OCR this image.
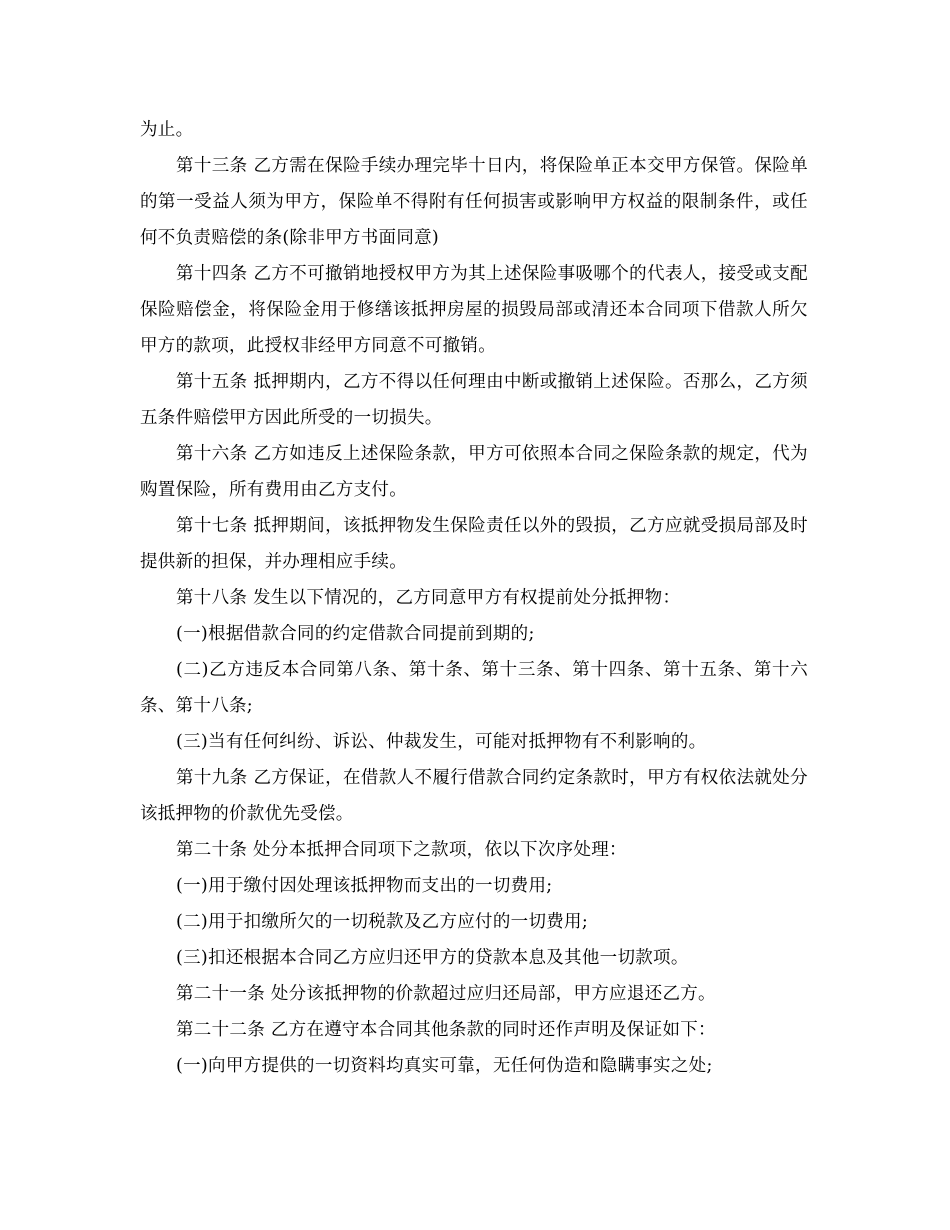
为止。

第十三条 乙方需在保险手续办理完毕十日内，将保险单正本交甲方保管。保险单的第一受益人须为甲方，保险单不得附有任何损害或影响甲方权益的限制条件，或任何不负责赔偿的条(除非甲方书面同意)

第十四条 乙方不可撤销地授权甲方为其上述保险事吸哪个的代表人，接受或支配保险赔偿金，将保险金用于修缮该抵押房屋的损毁局部或清还本合同项下借款人所欠甲方的款项，此授权非经甲方同意不可撤销。

第十五条 抵押期内，乙方不得以任何理由中断或撤销上述保险。否那么，乙方须五条件赔偿甲方因此所受的一切损失。

第十六条 乙方如违反上述保险条款，甲方可依照本合同之保险条款的规定，代为购置保险，所有费用由乙方支付。

第十七条 抵押期间，该抵押物发生保险责任以外的毁损，乙方应就受损局部及时提供新的担保，并办理相应手续。

第十八条 发生以下情况的，乙方同意甲方有权提前处分抵押物：

(一)根据借款合同的约定借款合同提前到期的;

(二)乙方违反本合同第八条、第十条、第十三条、第十四条、第十五条、第十六条、第十八条;

(三)当有任何纠纷、诉讼、仲裁发生，可能对抵押物有不利影响的。

第十九条 乙方保证，在借款人不履行借款合同约定条款时，甲方有权依法就处分该抵押物的价款优先受偿。

第二十条 处分本抵押合同项下之款项，依以下次序处理：

(一)用于缴付因处理该抵押物而支出的一切费用;

(二)用于扣缴所欠的一切税款及乙方应付的一切费用;

(三)扣还根据本合同乙方应归还甲方的贷款本息及其他一切款项。

第二十一条 处分该抵押物的价款超过应归还局部，甲方应退还乙方。

第二十二条 乙方在遵守本合同其他条款的同时还作声明及保证如下：

(一)向甲方提供的一切资料均真实可靠，无任何伪造和隐瞒事实之处;
